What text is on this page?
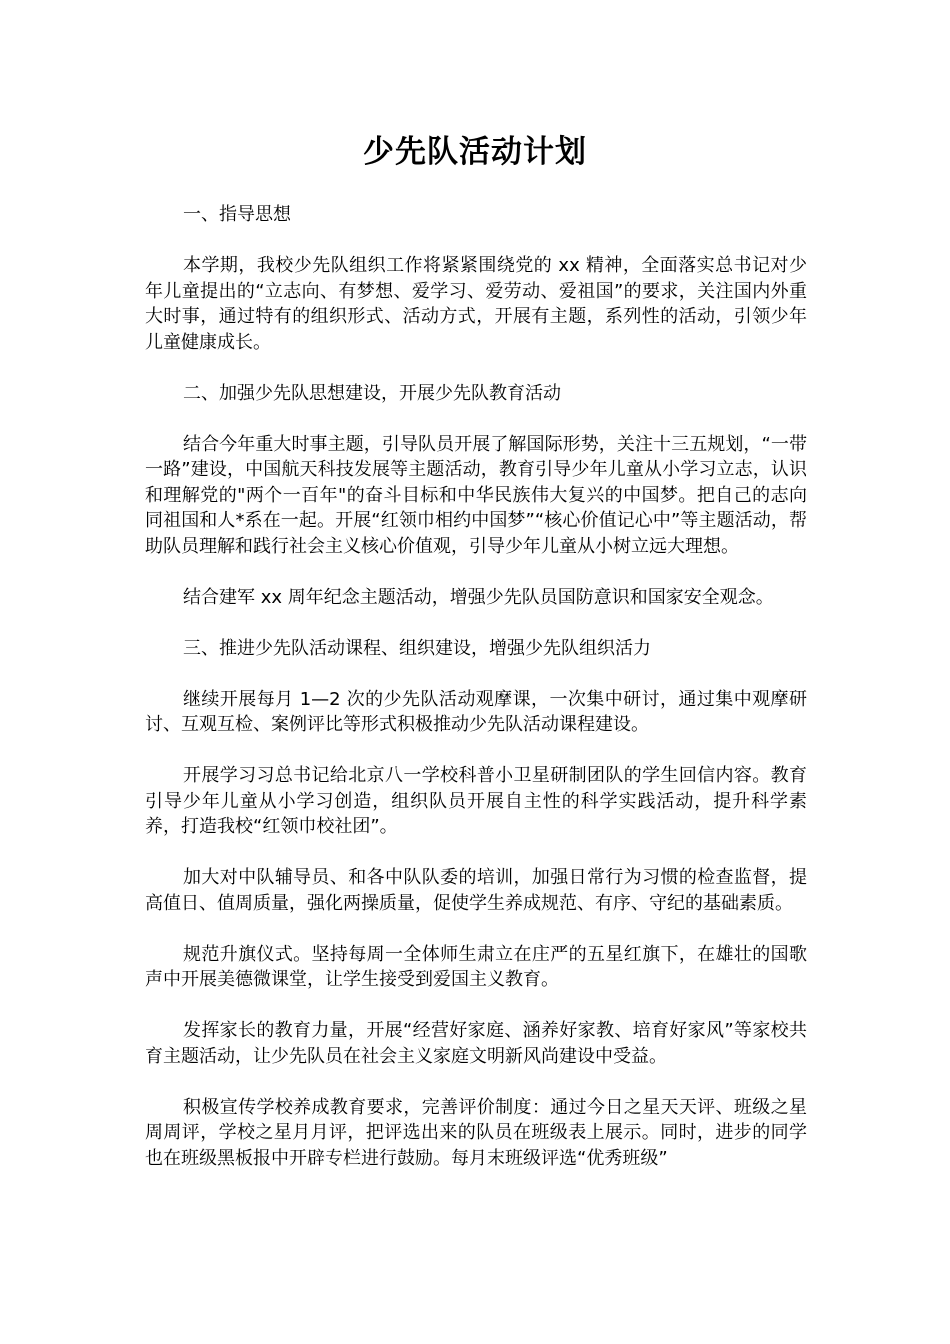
少先队活动计划

一、指导思想

本学期，我校少先队组织工作将紧紧围绕党的 xx 精神，全面落实总书记对少年儿童提出的“立志向、有梦想、爱学习、爱劳动、爱祖国”的要求，关注国内外重大时事，通过特有的组织形式、活动方式，开展有主题，系列性的活动，引领少年儿童健康成长。

二、加强少先队思想建设，开展少先队教育活动

结合今年重大时事主题，引导队员开展了解国际形势，关注十三五规划，“一带一路”建设，中国航天科技发展等主题活动，教育引导少年儿童从小学习立志，认识和理解党的"两个一百年"的奋斗目标和中华民族伟大复兴的中国梦。把自己的志向同祖国和人*系在一起。开展“红领巾相约中国梦”“核心价值记心中”等主题活动，帮助队员理解和践行社会主义核心价值观，引导少年儿童从小树立远大理想。

结合建军 xx 周年纪念主题活动，增强少先队员国防意识和国家安全观念。

三、推进少先队活动课程、组织建设，增强少先队组织活力

继续开展每月 1—2 次的少先队活动观摩课，一次集中研讨，通过集中观摩研讨、互观互检、案例评比等形式积极推动少先队活动课程建设。

开展学习习总书记给北京八一学校科普小卫星研制团队的学生回信内容。教育引导少年儿童从小学习创造，组织队员开展自主性的科学实践活动，提升科学素养，打造我校“红领巾校社团”。

加大对中队辅导员、和各中队队委的培训，加强日常行为习惯的检查监督，提高值日、值周质量，强化两操质量，促使学生养成规范、有序、守纪的基础素质。

规范升旗仪式。坚持每周一全体师生肃立在庄严的五星红旗下，在雄壮的国歌声中开展美德微课堂，让学生接受到爱国主义教育。

发挥家长的教育力量，开展“经营好家庭、涵养好家教、培育好家风”等家校共育主题活动，让少先队员在社会主义家庭文明新风尚建设中受益。

积极宣传学校养成教育要求，完善评价制度：通过今日之星天天评、班级之星周周评，学校之星月月评，把评选出来的队员在班级表上展示。同时，进步的同学也在班级黑板报中开辟专栏进行鼓励。每月末班级评选“优秀班级”
